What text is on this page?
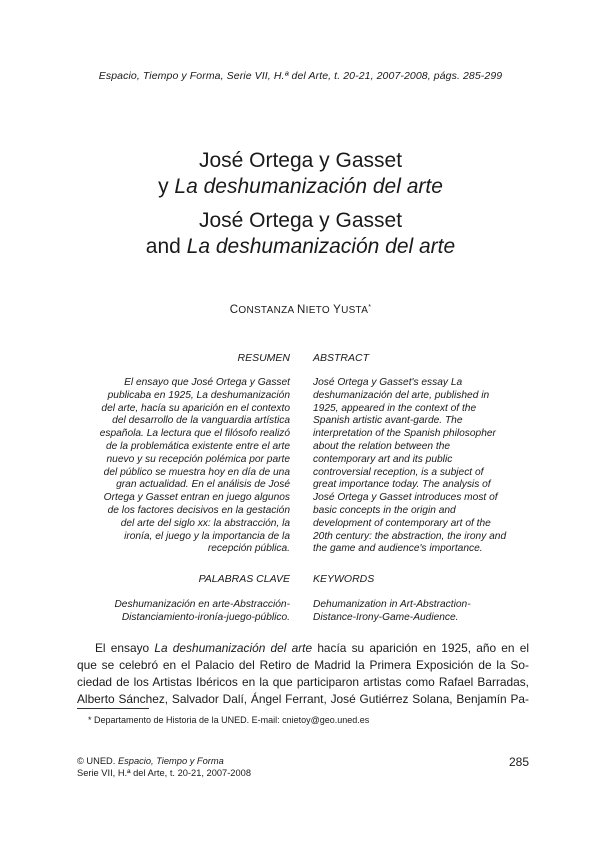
Espacio, Tiempo y Forma, Serie VII, H.ª del Arte, t. 20-21, 2007-2008, págs. 285-299
José Ortega y Gasset
y La deshumanización del arte
José Ortega y Gasset
and La deshumanización del arte
CONSTANZA NIETO YUSTA*
RESUMEN ABSTRACT
El ensayo que José Ortega y Gasset
publicaba en 1925, La deshumanización
del arte, hacía su aparición en el contexto
del desarrollo de la vanguardia artística
española. La lectura que el filósofo realizó
de la problemática existente entre el arte
nuevo y su recepción polémica por parte
del público se muestra hoy en día de una
gran actualidad. En el análisis de José
Ortega y Gasset entran en juego algunos
de los factores decisivos en la gestación
del arte del siglo xx: la abstracción, la
ironía, el juego y la importancia de la
recepción pública.
José Ortega y Gasset's essay La
deshumanización del arte, published in
1925, appeared in the context of the
Spanish artistic avant-garde. The
interpretation of the Spanish philosopher
about the relation between the
contemporary art and its public
controversial reception, is a subject of
great importance today. The analysis of
José Ortega y Gasset introduces most of
basic concepts in the origin and
development of contemporary art of the
20th century: the abstraction, the irony and
the game and audience's importance.
PALABRAS CLAVE KEYWORDS
Deshumanización en arte-Abstracción-
Distanciamiento-ironía-juego-público.
Dehumanization in Art-Abstraction-
Distance-Irony-Game-Audience.
El ensayo La deshumanización del arte hacía su aparición en 1925, año en el
que se celebró en el Palacio del Retiro de Madrid la Primera Exposición de la So-
ciedad de los Artistas Ibéricos en la que participaron artistas como Rafael Barradas,
Alberto Sánchez, Salvador Dalí, Ángel Ferrant, José Gutiérrez Solana, Benjamín Pa-
* Departamento de Historia de la UNED. E-mail: cnietoy@geo.uned.es
© UNED. Espacio, Tiempo y Forma
Serie VII, H.ª del Arte, t. 20-21, 2007-2008
285
